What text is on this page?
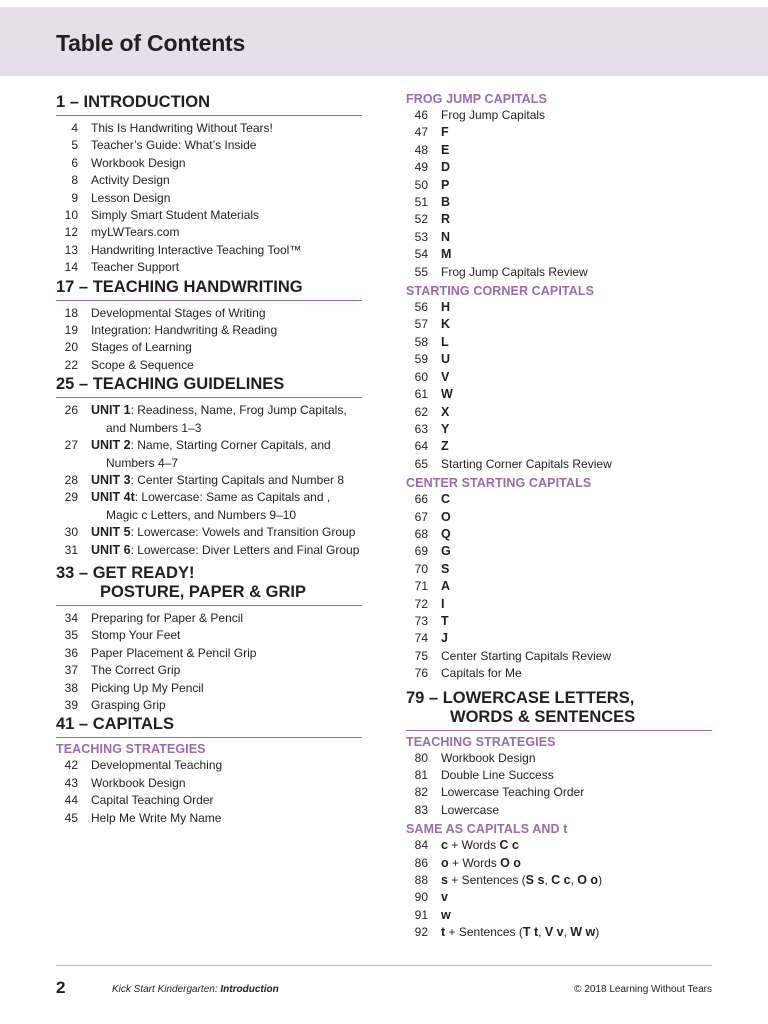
Table of Contents
1 – INTRODUCTION
4	This Is Handwriting Without Tears!
5	Teacher’s Guide: What’s Inside
6	Workbook Design
8	Activity Design
9	Lesson Design
10	Simply Smart Student Materials
12	myLWTears.com
13	Handwriting Interactive Teaching Tool™
14	Teacher Support
17 – TEACHING HANDWRITING
18	Developmental Stages of Writing
19	Integration: Handwriting & Reading
20	Stages of Learning
22	Scope & Sequence
25 – TEACHING GUIDELINES
26	UNIT 1: Readiness, Name, Frog Jump Capitals,
and Numbers 1–3
27	UNIT 2: Name, Starting Corner Capitals, and
Numbers 4–7
28	UNIT 3: Center Starting Capitals and Number 8
29	UNIT 4t: Lowercase: Same as Capitals and ,
Magic c Letters, and Numbers 9–10
30	UNIT 5: Lowercase: Vowels and Transition Group
31	UNIT 6: Lowercase: Diver Letters and Final Group
33 – GET READY!
POSTURE, PAPER & GRIP
34	Preparing for Paper & Pencil
35	Stomp Your Feet
36	Paper Placement & Pencil Grip
37	The Correct Grip
38	Picking Up My Pencil
39	Grasping Grip
41 – CAPITALS
TEACHING STRATEGIES
42	Developmental Teaching
43	Workbook Design
44	Capital Teaching Order
45	Help Me Write My Name
FROG JUMP CAPITALS
46	Frog Jump Capitals
47	F
48	E
49	D
50	P
51	B
52	R
53	N
54	M
55	Frog Jump Capitals Review
STARTING CORNER CAPITALS
56	H
57	K
58	L
59	U
60	V
61	W
62	X
63	Y
64	Z
65	Starting Corner Capitals Review
CENTER STARTING CAPITALS
66	C
67	O
68	Q
69	G
70	S
71	A
72	I
73	T
74	J
75	Center Starting Capitals Review
76	Capitals for Me
79 – LOWERCASE LETTERS,
WORDS & SENTENCES
TEACHING STRATEGIES
80	Workbook Design
81	Double Line Success
82	Lowercase Teaching Order
83	Lowercase
SAME AS CAPITALS AND t
84	c + Words C c
86	o + Words O o
88	s + Sentences (S s, C c, O o)
90	v
91	w
92	t + Sentences (T t, V v, W w)
2	Kick Start Kindergarten: Introduction	© 2018 Learning Without Tears
